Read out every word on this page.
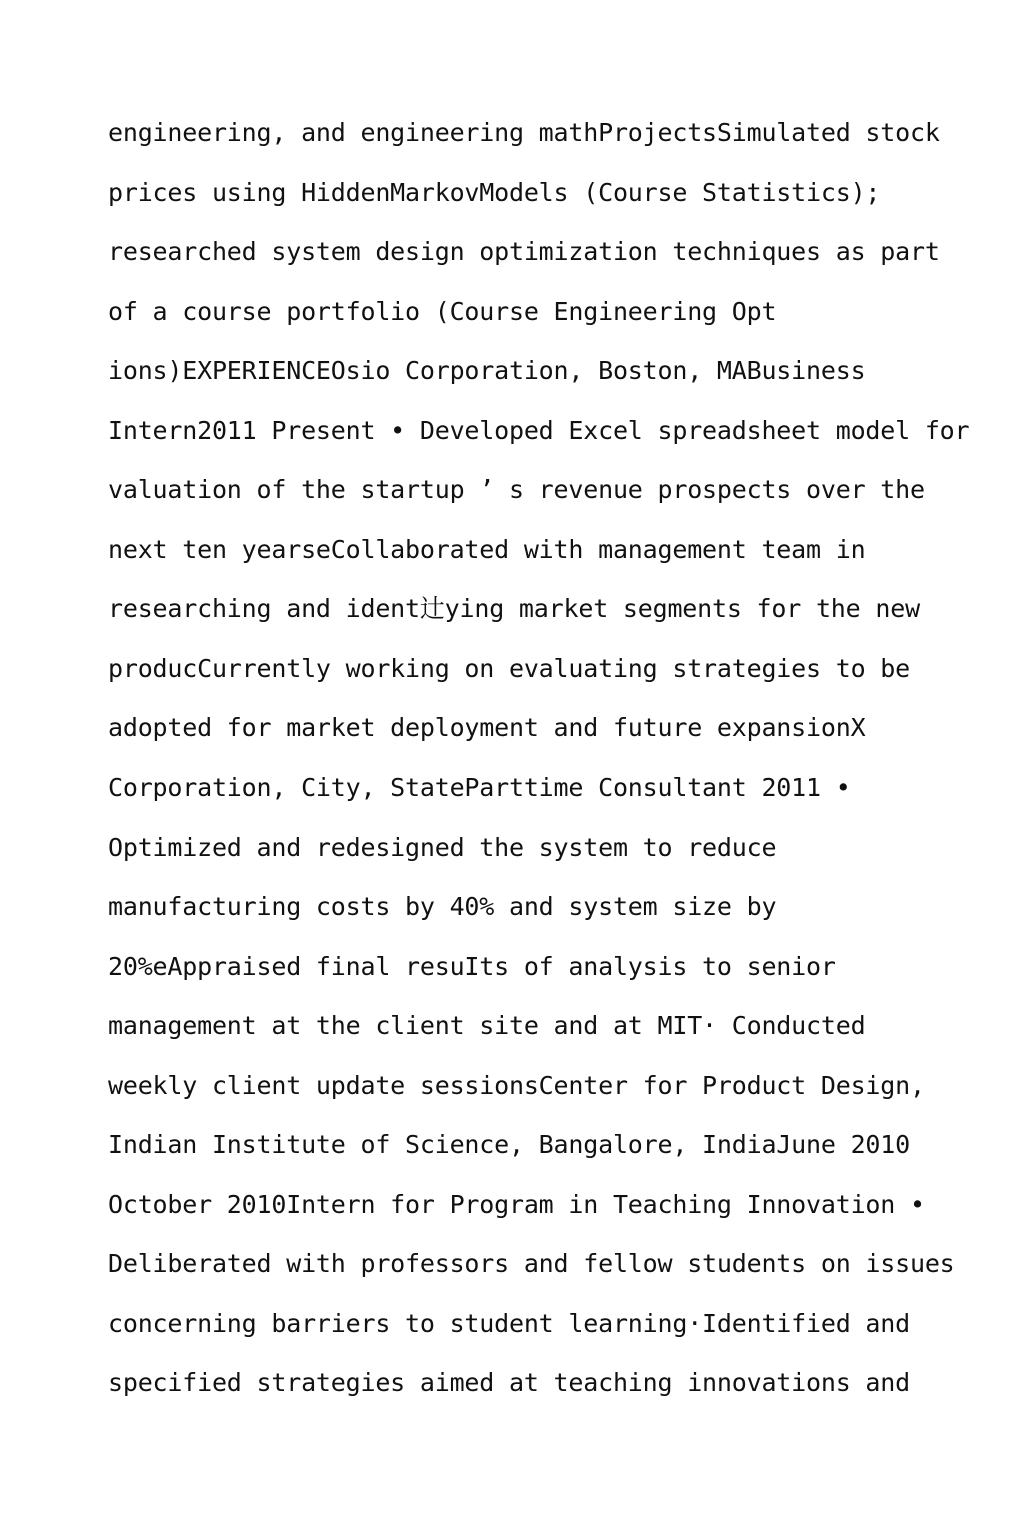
engineering, and engineering mathProjectsSimulated stock
prices using HiddenMarkovModels (Course Statistics);
researched system design optimization techniques as part
of a course portfolio (Course Engineering Opt
ions)EXPERIENCEOsio Corporation, Boston, MABusiness
Intern2011 Present • Developed Excel spreadsheet model for
valuation of the startup ’ s revenue prospects over the
next ten yearseCollaborated with management team in
researching and ident辻ying market segments for the new
producCurrently working on evaluating strategies to be
adopted for market deployment and future expansionX
Corporation, City, StateParttime Consultant 2011 •
Optimized and redesigned the system to reduce
manufacturing costs by 40% and system size by
20%eAppraised final resuIts of analysis to senior
management at the client site and at MIT· Conducted
weekly client update sessionsCenter for Product Design,
Indian Institute of Science, Bangalore, IndiaJune 2010
October 2010Intern for Program in Teaching Innovation •
Deliberated with professors and fellow students on issues
concerning barriers to student learning·Identified and
specified strategies aimed at teaching innovations and
